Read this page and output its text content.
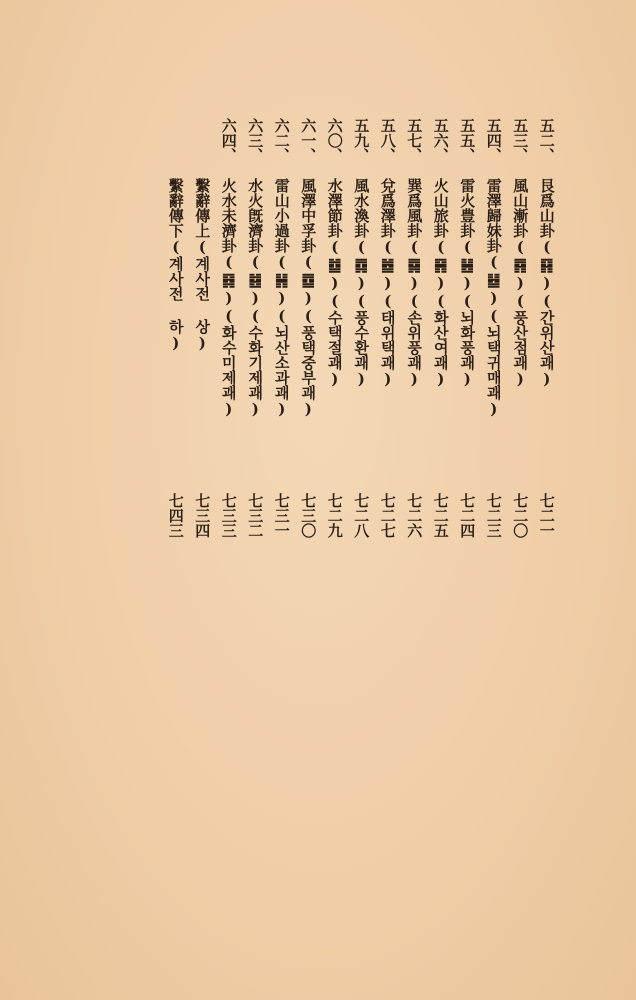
五二、
艮爲山卦(䷳)(간위산괘)
七二一
五三、
風山漸卦(䷴)(풍산점괘)
七二〇
五四、
雷澤歸妹卦(䷵)(뇌택귀매괘)
七二三
五五、
雷火豊卦(䷶)(뇌화풍괘)
七二四
五六、
火山旅卦(䷷)(화산여괘)
七二五
五七、
巽爲風卦(䷸)(손위풍괘)
七二六
五八、
兌爲澤卦(䷹)(태위택괘)
七二七
五九、
風水渙卦(䷺)(풍수환괘)
七二八
六〇、
水澤節卦(䷻)(수택절괘)
七二九
六一、
風澤中孚卦(䷼)(풍택중부괘)
七三〇
六二、
雷山小過卦(䷽)(뇌산소과괘)
七三一
六三、
水火旣濟卦(䷾)(수화기제괘)
七三二
六四、
火水未濟卦(䷿)(화수미제괘)
七三三
繫辭傳上(계사전 상)
七三四
繫辭傳下(계사전 하)
七四三
